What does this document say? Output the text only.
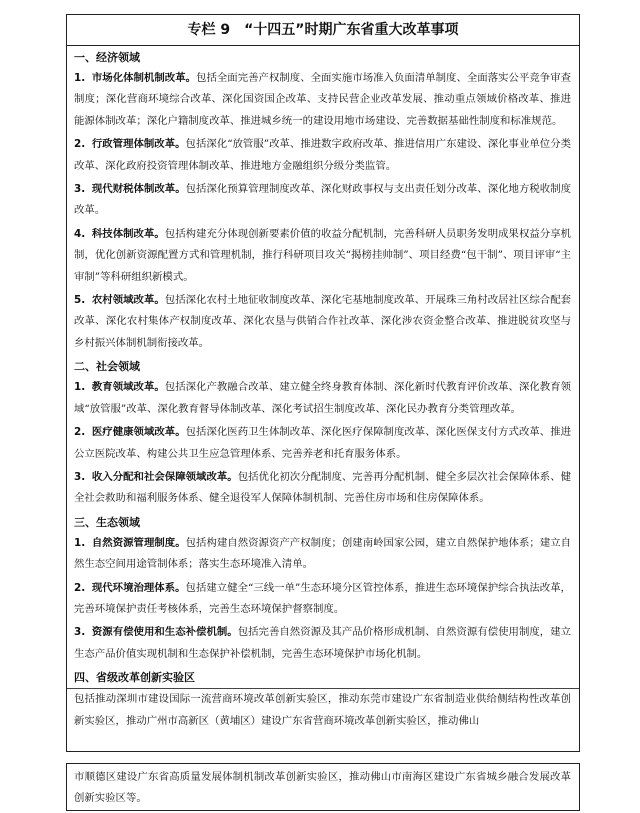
专栏 9　“十四五”时期广东省重大改革事项
一、经济领域
1. 市场化体制机制改革。包括全面完善产权制度、全面实施市场准入负面清单制度、全面落实公平竞争审查制度；深化营商环境综合改革、深化国资国企改革、支持民营企业改革发展、推动重点领域价格改革、推进能源体制改革；深化户籍制度改革、推进城乡统一的建设用地市场建设、完善数据基础性制度和标准规范。
2. 行政管理体制改革。包括深化“放管服”改革、推进数字政府改革、推进信用广东建设、深化事业单位分类改革、深化政府投资管理体制改革、推进地方金融组织分级分类监管。
3. 现代财税体制改革。包括深化预算管理制度改革、深化财政事权与支出责任划分改革、深化地方税收制度改革。
4. 科技体制改革。包括构建充分体现创新要素价值的收益分配机制，完善科研人员职务发明成果权益分享机制，优化创新资源配置方式和管理机制，推行科研项目攻关“揭榜挂帅制”、项目经费“包干制”、项目评审“主审制”等科研组织新模式。
5. 农村领域改革。包括深化农村土地征收制度改革、深化宅基地制度改革、开展珠三角村改居社区综合配套改革、深化农村集体产权制度改革、深化农垦与供销合作社改革、深化涉农资金整合改革、推进脱贫攻坚与乡村振兴体制机制衔接改革。
二、社会领域
1. 教育领域改革。包括深化产教融合改革、建立健全终身教育体制、深化新时代教育评价改革、深化教育领域“放管服”改革、深化教育督导体制改革、深化考试招生制度改革、深化民办教育分类管理改革。
2. 医疗健康领域改革。包括深化医药卫生体制改革、深化医疗保障制度改革、深化医保支付方式改革、推进公立医院改革、构建公共卫生应急管理体系、完善养老和托育服务体系。
3. 收入分配和社会保障领域改革。包括优化初次分配制度、完善再分配机制、健全多层次社会保障体系、健全社会救助和福利服务体系、健全退役军人保障体制机制、完善住房市场和住房保障体系。
三、生态领域
1. 自然资源管理制度。包括构建自然资源资产产权制度；创建南岭国家公园，建立自然保护地体系；建立自然生态空间用途管制体系；落实生态环境准入清单。
2. 现代环境治理体系。包括建立健全“三线一单”生态环境分区管控体系，推进生态环境保护综合执法改革，完善环境保护责任考核体系，完善生态环境保护督察制度。
3. 资源有偿使用和生态补偿机制。包括完善自然资源及其产品价格形成机制、自然资源有偿使用制度，建立生态产品价值实现机制和生态保护补偿机制，完善生态环境保护市场化机制。
四、省级改革创新实验区
包括推动深圳市建设国际一流营商环境改革创新实验区，推动东莞市建设广东省制造业供给侧结构性改革创新实验区，推动广州市高新区（黄埔区）建设广东省营商环境改革创新实验区，推动佛山
市顺德区建设广东省高质量发展体制机制改革创新实验区，推动佛山市南海区建设广东省城乡融合发展改革创新实验区等。
